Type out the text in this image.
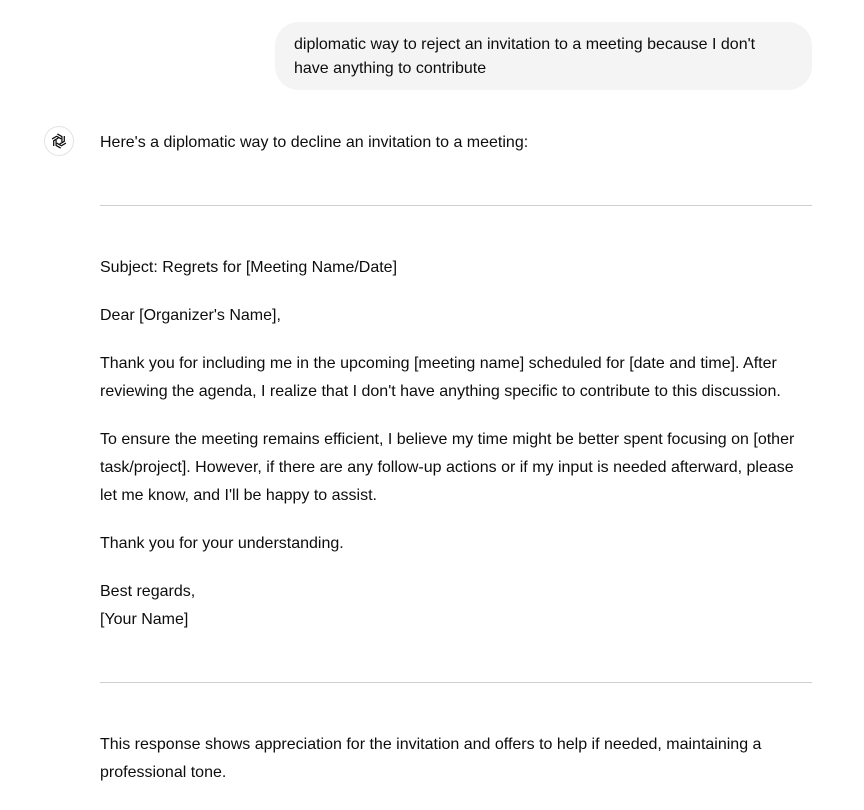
diplomatic way to reject an invitation to a meeting because I don't have anything to contribute

Here's a diplomatic way to decline an invitation to a meeting:

Subject: Regrets for [Meeting Name/Date]

Dear [Organizer's Name],

Thank you for including me in the upcoming [meeting name] scheduled for [date and time]. After reviewing the agenda, I realize that I don't have anything specific to contribute to this discussion.

To ensure the meeting remains efficient, I believe my time might be better spent focusing on [other task/project]. However, if there are any follow-up actions or if my input is needed afterward, please let me know, and I'll be happy to assist.

Thank you for your understanding.

Best regards,

[Your Name]

This response shows appreciation for the invitation and offers to help if needed, maintaining a professional tone.
